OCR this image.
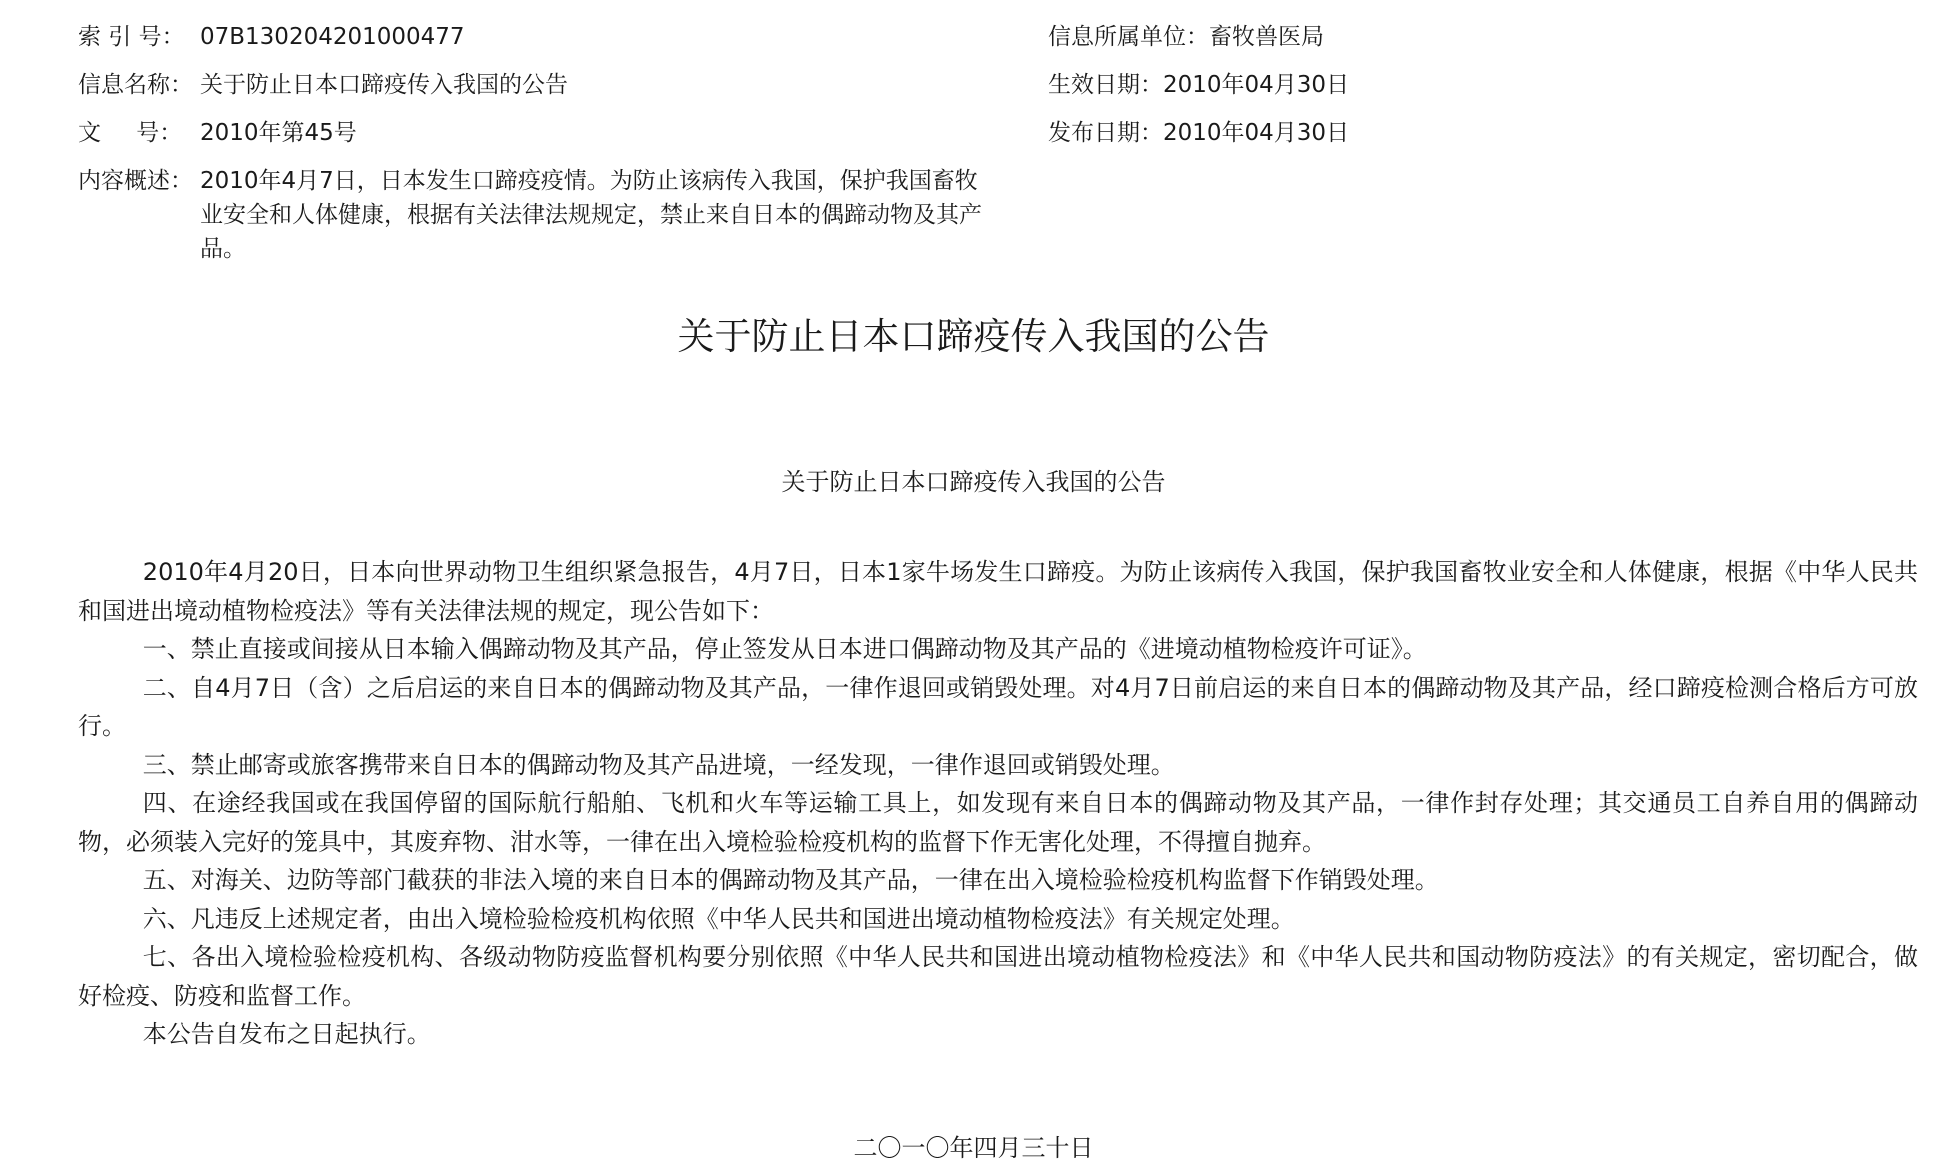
索 引 号： 07B130204201000477	信息所属单位： 畜牧兽医局
信息名称： 关于防止日本口蹄疫传入我国的公告	生效日期： 2010年04月30日
文 号： 2010年第45号	发布日期： 2010年04月30日
内容概述： 2010年4月7日，日本发生口蹄疫疫情。为防止该病传入我国，保护我国畜牧业安全和人体健康，根据有关法律法规规定，禁止来自日本的偶蹄动物及其产品。
关于防止日本口蹄疫传入我国的公告
关于防止日本口蹄疫传入我国的公告

2010年4月20日，日本向世界动物卫生组织紧急报告，4月7日，日本1家牛场发生口蹄疫。为防止该病传入我国，保护我国畜牧业安全和人体健康，根据《中华人民共和国进出境动植物检疫法》等有关法律法规的规定，现公告如下：

一、禁止直接或间接从日本输入偶蹄动物及其产品，停止签发从日本进口偶蹄动物及其产品的《进境动植物检疫许可证》。

二、自4月7日（含）之后启运的来自日本的偶蹄动物及其产品，一律作退回或销毁处理。对4月7日前启运的来自日本的偶蹄动物及其产品，经口蹄疫检测合格后方可放行。

三、禁止邮寄或旅客携带来自日本的偶蹄动物及其产品进境，一经发现，一律作退回或销毁处理。

四、在途经我国或在我国停留的国际航行船舶、飞机和火车等运输工具上，如发现有来自日本的偶蹄动物及其产品，一律作封存处理；其交通员工自养自用的偶蹄动物，必须装入完好的笼具中，其废弃物、泔水等，一律在出入境检验检疫机构的监督下作无害化处理，不得擅自抛弃。

五、对海关、边防等部门截获的非法入境的来自日本的偶蹄动物及其产品，一律在出入境检验检疫机构监督下作销毁处理。

六、凡违反上述规定者，由出入境检验检疫机构依照《中华人民共和国进出境动植物检疫法》有关规定处理。

七、各出入境检验检疫机构、各级动物防疫监督机构要分别依照《中华人民共和国进出境动植物检疫法》和《中华人民共和国动物防疫法》的有关规定，密切配合，做好检疫、防疫和监督工作。

本公告自发布之日起执行。

二〇一〇年四月三十日
